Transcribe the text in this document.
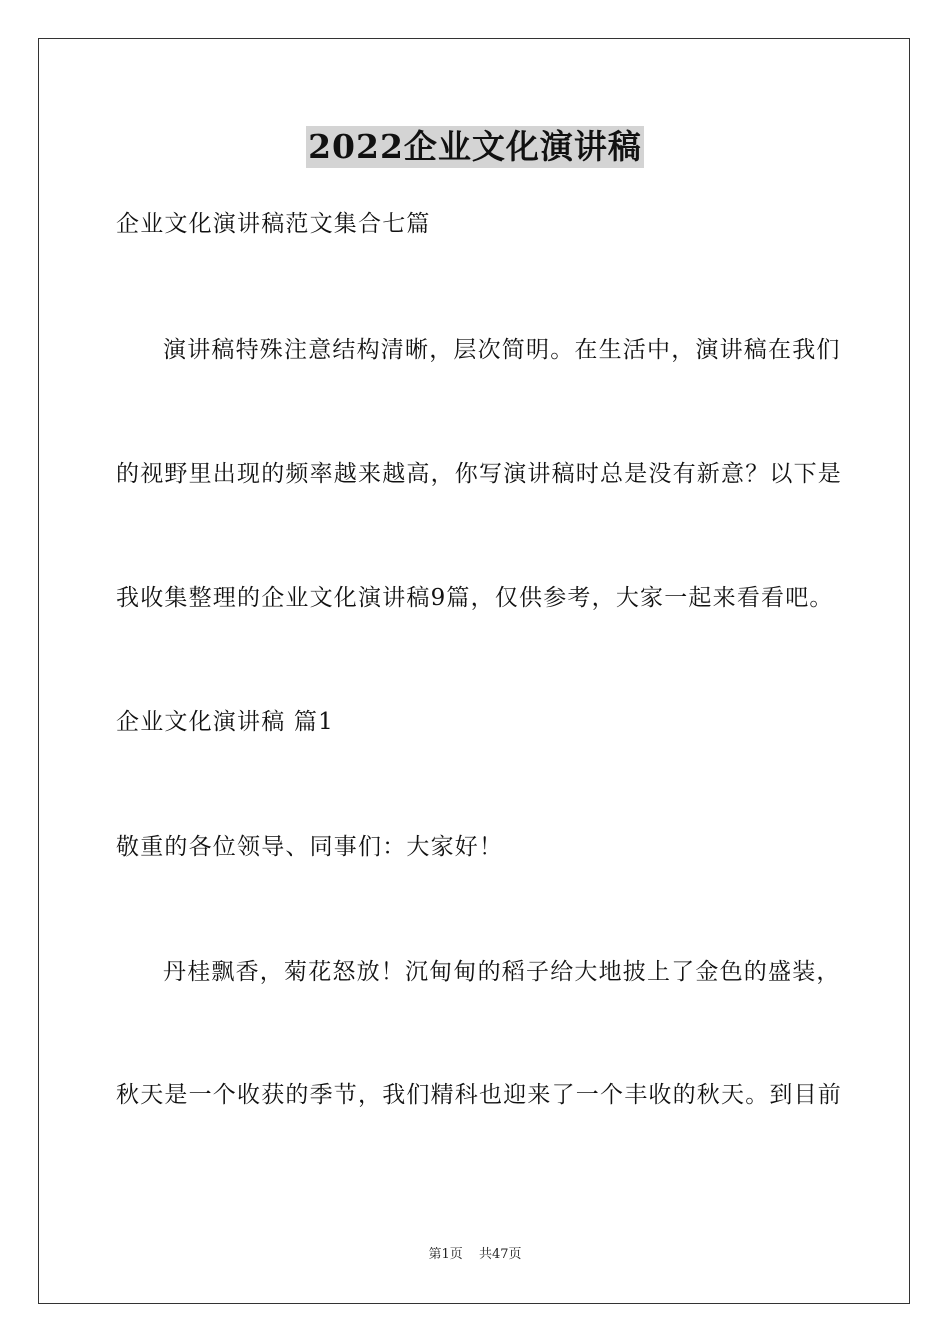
2022企业文化演讲稿
企业文化演讲稿范文集合七篇
演讲稿特殊注意结构清晰，层次简明。在生活中，演讲稿在我们
的视野里出现的频率越来越高，你写演讲稿时总是没有新意？以下是
我收集整理的企业文化演讲稿9篇，仅供参考，大家一起来看看吧。
企业文化演讲稿 篇1
敬重的各位领导、同事们：大家好！
丹桂飘香，菊花怒放！沉甸甸的稻子给大地披上了金色的盛装，
秋天是一个收获的季节，我们精科也迎来了一个丰收的秋天。到目前
第1页 共47页
